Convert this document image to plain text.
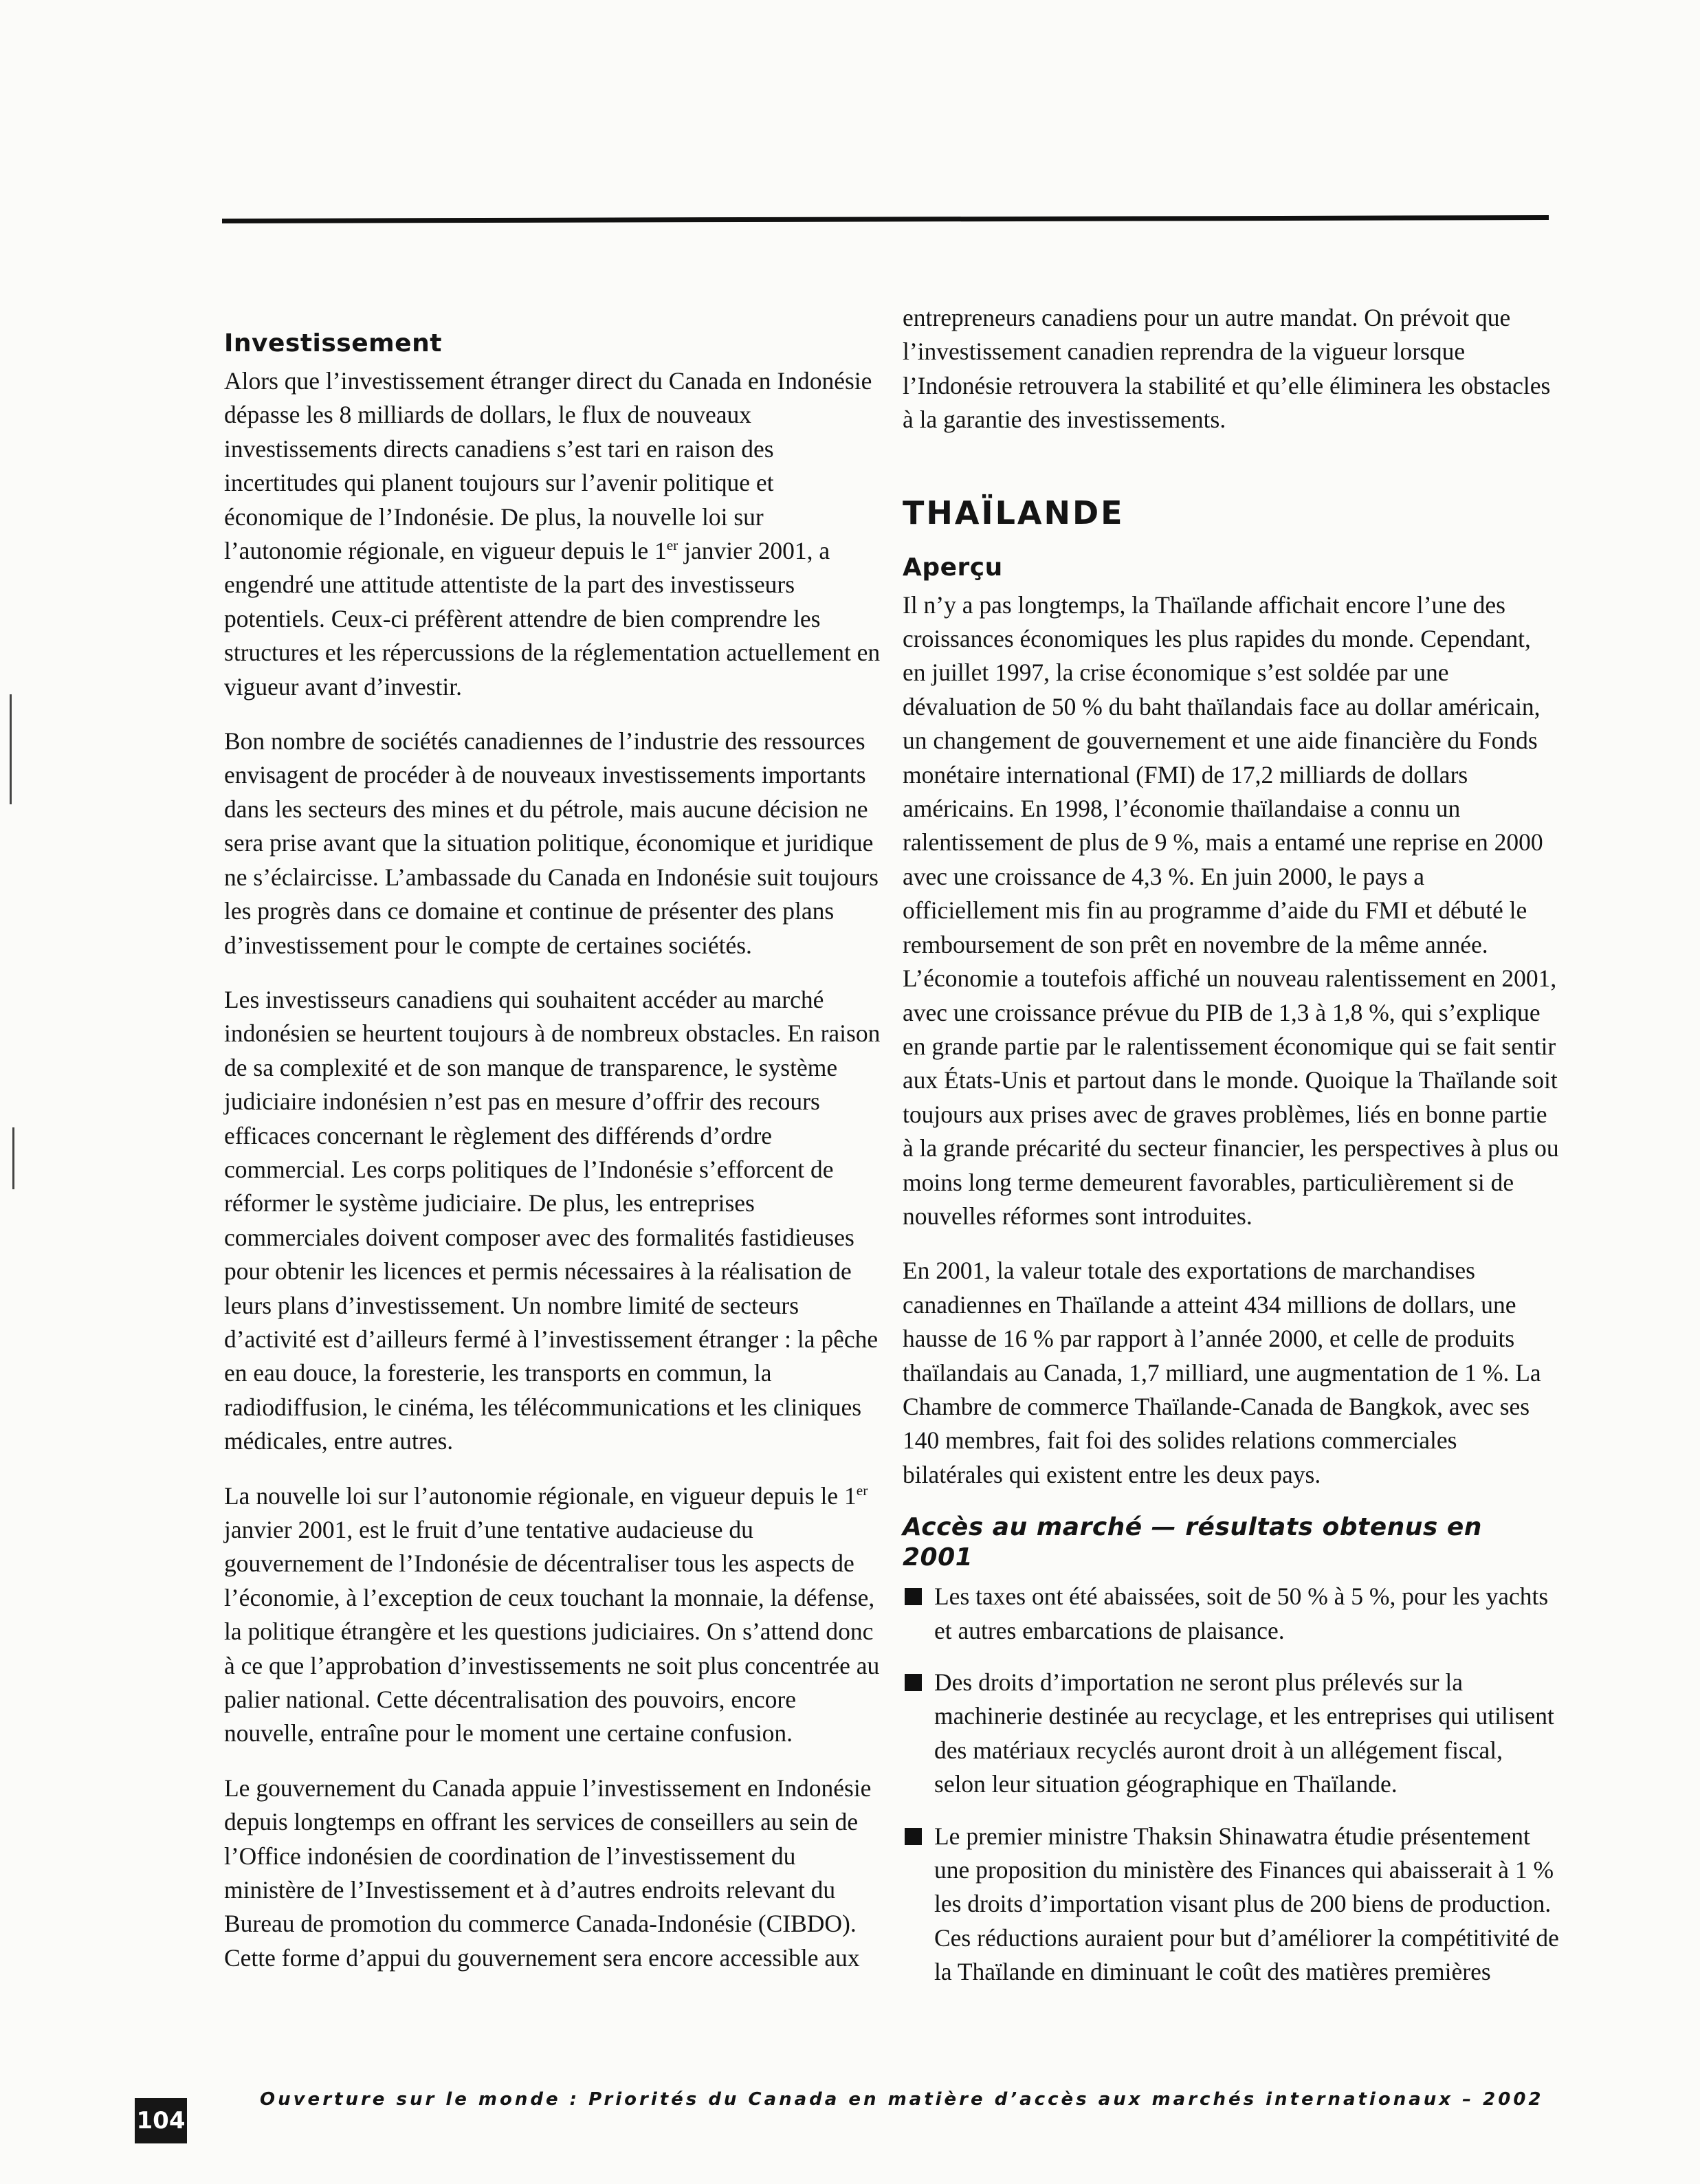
Investissement

Alors que l’investissement étranger direct du Canada en Indonésie dépasse les 8 milliards de dollars, le flux de nouveaux investissements directs canadiens s’est tari en raison des incertitudes qui planent toujours sur l’avenir politique et économique de l’Indonésie. De plus, la nouvelle loi sur l’autonomie régionale, en vigueur depuis le 1er janvier 2001, a engendré une attitude attentiste de la part des investisseurs potentiels. Ceux-ci préfèrent attendre de bien comprendre les structures et les répercussions de la réglementation actuellement en vigueur avant d’investir.

Bon nombre de sociétés canadiennes de l’industrie des ressources envisagent de procéder à de nouveaux investissements importants dans les secteurs des mines et du pétrole, mais aucune décision ne sera prise avant que la situation politique, économique et juridique ne s’éclaircisse. L’ambassade du Canada en Indonésie suit toujours les progrès dans ce domaine et continue de présenter des plans d’investissement pour le compte de certaines sociétés.

Les investisseurs canadiens qui souhaitent accéder au marché indonésien se heurtent toujours à de nombreux obstacles. En raison de sa complexité et de son manque de transparence, le système judiciaire indonésien n’est pas en mesure d’offrir des recours efficaces concernant le règlement des différends d’ordre commercial. Les corps politiques de l’Indonésie s’efforcent de réformer le système judiciaire. De plus, les entreprises commerciales doivent composer avec des formalités fastidieuses pour obtenir les licences et permis nécessaires à la réalisation de leurs plans d’investissement. Un nombre limité de secteurs d’activité est d’ailleurs fermé à l’investissement étranger : la pêche en eau douce, la foresterie, les transports en commun, la radiodiffusion, le cinéma, les télécommunications et les cliniques médicales, entre autres.

La nouvelle loi sur l’autonomie régionale, en vigueur depuis le 1er janvier 2001, est le fruit d’une tentative audacieuse du gouvernement de l’Indonésie de décentraliser tous les aspects de l’économie, à l’exception de ceux touchant la monnaie, la défense, la politique étrangère et les questions judiciaires. On s’attend donc à ce que l’approbation d’investissements ne soit plus concentrée au palier national. Cette décentralisation des pouvoirs, encore nouvelle, entraîne pour le moment une certaine confusion.

Le gouvernement du Canada appuie l’investissement en Indonésie depuis longtemps en offrant les services de conseillers au sein de l’Office indonésien de coordination de l’investissement du ministère de l’Investissement et à d’autres endroits relevant du Bureau de promotion du commerce Canada-Indonésie (CIBDO). Cette forme d’appui du gouvernement sera encore accessible aux

entrepreneurs canadiens pour un autre mandat. On prévoit que l’investissement canadien reprendra de la vigueur lorsque l’Indonésie retrouvera la stabilité et qu’elle éliminera les obstacles à la garantie des investissements.

THAÏLANDE
Aperçu

Il n’y a pas longtemps, la Thaïlande affichait encore l’une des croissances économiques les plus rapides du monde. Cependant, en juillet 1997, la crise économique s’est soldée par une dévaluation de 50 % du baht thaïlandais face au dollar américain, un changement de gouvernement et une aide financière du Fonds monétaire international (FMI) de 17,2 milliards de dollars américains. En 1998, l’économie thaïlandaise a connu un ralentissement de plus de 9 %, mais a entamé une reprise en 2000 avec une croissance de 4,3 %. En juin 2000, le pays a officiellement mis fin au programme d’aide du FMI et débuté le remboursement de son prêt en novembre de la même année. L’économie a toutefois affiché un nouveau ralentissement en 2001, avec une croissance prévue du PIB de 1,3 à 1,8 %, qui s’explique en grande partie par le ralentissement économique qui se fait sentir aux États-Unis et partout dans le monde. Quoique la Thaïlande soit toujours aux prises avec de graves problèmes, liés en bonne partie à la grande précarité du secteur financier, les perspectives à plus ou moins long terme demeurent favorables, particulièrement si de nouvelles réformes sont introduites.

En 2001, la valeur totale des exportations de marchandises canadiennes en Thaïlande a atteint 434 millions de dollars, une hausse de 16 % par rapport à l’année 2000, et celle de produits thaïlandais au Canada, 1,7 milliard, une augmentation de 1 %. La Chambre de commerce Thaïlande-Canada de Bangkok, avec ses 140 membres, fait foi des solides relations commerciales bilatérales qui existent entre les deux pays.

Accès au marché — résultats obtenus en 2001
Les taxes ont été abaissées, soit de 50 % à 5 %, pour les yachts et autres embarcations de plaisance.
Des droits d’importation ne seront plus prélevés sur la machinerie destinée au recyclage, et les entreprises qui utilisent des matériaux recyclés auront droit à un allégement fiscal, selon leur situation géographique en Thaïlande.
Le premier ministre Thaksin Shinawatra étudie présentement une proposition du ministère des Finances qui abaisserait à 1 % les droits d’importation visant plus de 200 biens de production. Ces réductions auraient pour but d’améliorer la compétitivité de la Thaïlande en diminuant le coût des matières premières
104
Ouverture sur le monde : Priorités du Canada en matière d’accès aux marchés internationaux – 2002
